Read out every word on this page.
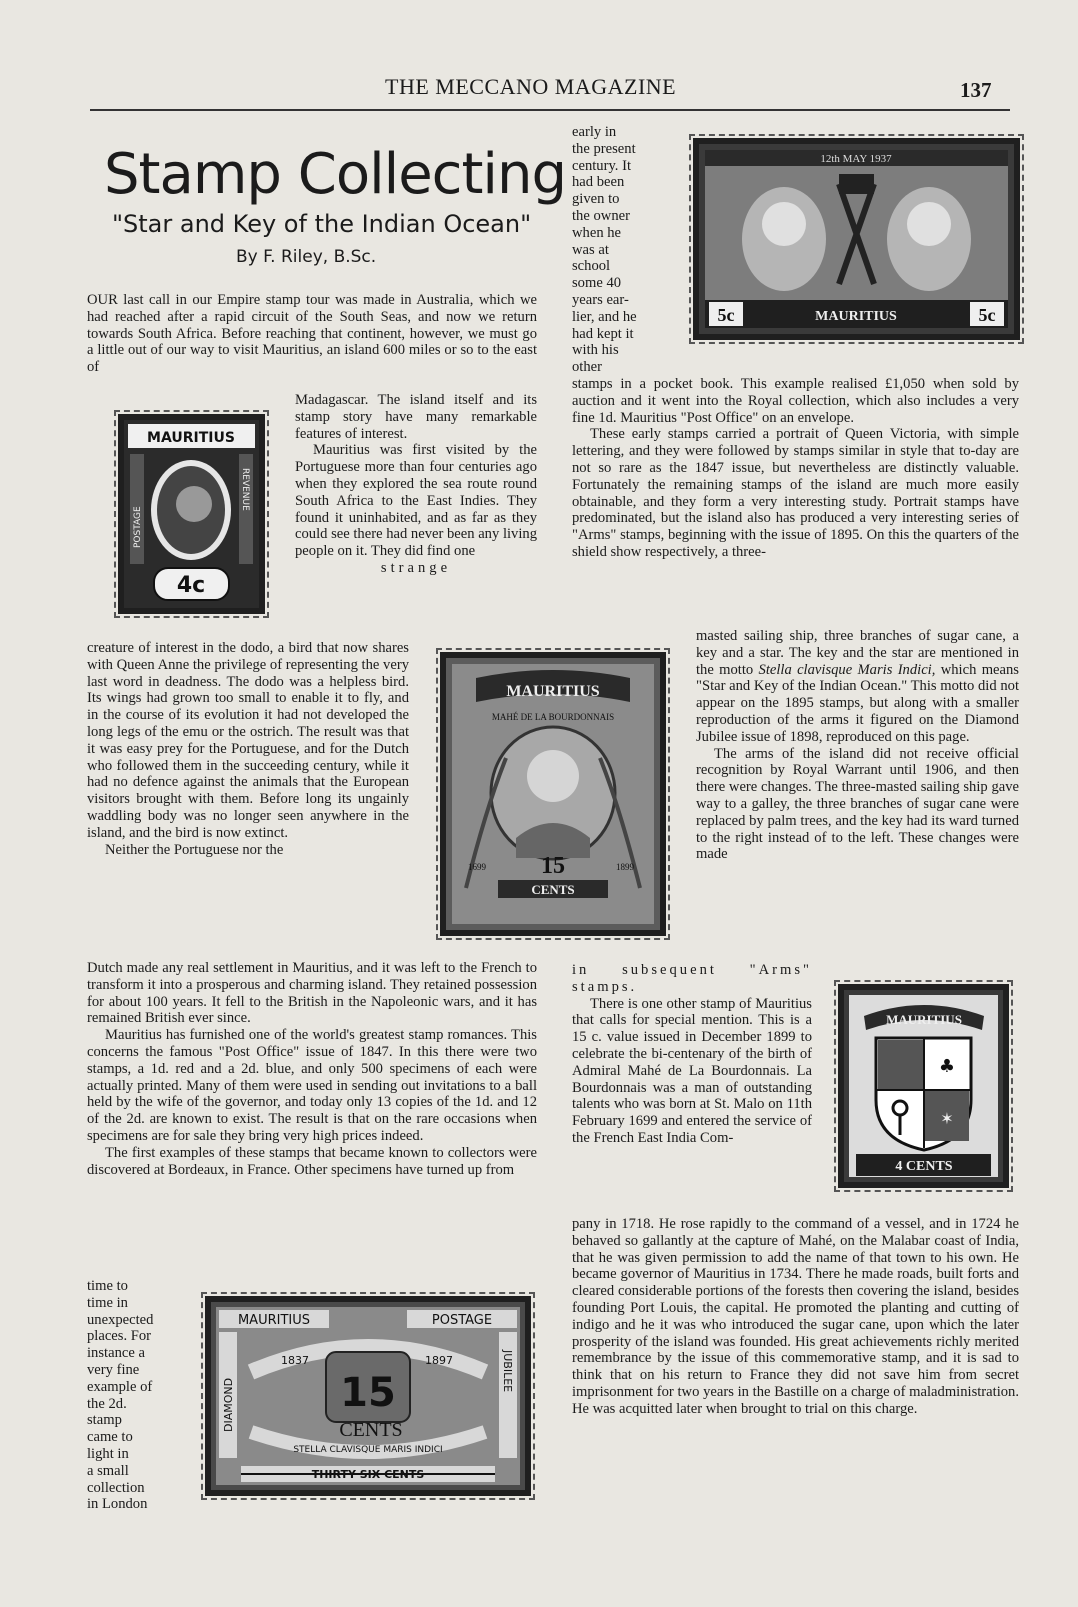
THE MECCANO MAGAZINE	137
Stamp Collecting
"Star and Key of the Indian Ocean"
By F. Riley, B.Sc.

OUR last call in our Empire stamp tour was made in Australia, which we had reached after a rapid circuit of the South Seas, and now we return towards South Africa. Before reaching that continent, however, we must go a little out of our way to visit Mauritius, an island 600 miles or so to the east of

Madagascar. The island itself and its stamp story have many remarkable features of interest.

Mauritius was first visited by the Portuguese more than four centuries ago when they explored the sea route round South Africa to the East Indies. They found it uninhabited, and as far as they could see there had never been any living people on it. They did find one

strange

creature of interest in the dodo, a bird that now shares with Queen Anne the privilege of representing the very last word in deadness. The dodo was a helpless bird. Its wings had grown too small to enable it to fly, and in the course of its evolution it had not developed the long legs of the emu or the ostrich. The result was that it was easy prey for the Portuguese, and for the Dutch who followed them in the succeeding century, while it had no defence against the animals that the European visitors brought with them. Before long its ungainly waddling body was no longer seen anywhere in the island, and the bird is now extinct.

Neither the Portuguese nor the

Dutch made any real settlement in Mauritius, and it was left to the French to transform it into a prosperous and charming island. They retained possession for about 100 years. It fell to the British in the Napoleonic wars, and it has remained British ever since.

Mauritius has furnished one of the world's greatest stamp romances. This concerns the famous "Post Office" issue of 1847. In this there were two stamps, a 1d. red and a 2d. blue, and only 500 specimens of each were actually printed. Many of them were used in sending out invitations to a ball held by the wife of the governor, and today only 13 copies of the 1d. and 12 of the 2d. are known to exist. The result is that on the rare occasions when specimens are for sale they bring very high prices indeed.

The first examples of these stamps that became known to collectors were discovered at Bordeaux, in France. Other specimens have turned up from

time to
time in
unexpected
places. For
instance a
very fine
example of
the 2d.
stamp
came to
light in
a small
collection
in London
early in
the present
century. It
had been
given to
the owner
when he
was at
school
some 40
years ear-
lier, and he
had kept it
with his
other

stamps in a pocket book. This example realised £1,050 when sold by auction and it went into the Royal collection, which also includes a very fine 1d. Mauritius "Post Office" on an envelope.

These early stamps carried a portrait of Queen Victoria, with simple lettering, and they were followed by stamps similar in style that to-day are not so rare as the 1847 issue, but nevertheless are distinctly valuable. Fortunately the remaining stamps of the island are much more easily obtainable, and they form a very interesting study. Portrait stamps have predominated, but the island also has produced a very interesting series of "Arms" stamps, beginning with the issue of 1895. On this the quarters of the shield show respectively, a three-

masted sailing ship, three branches of sugar cane, a key and a star. The key and the star are mentioned in the motto Stella clavisque Maris Indici, which means "Star and Key of the Indian Ocean." This motto did not appear on the 1895 stamps, but along with a smaller reproduction of the arms it figured on the Diamond Jubilee issue of 1898, reproduced on this page.

The arms of the island did not receive official recognition by Royal Warrant until 1906, and then there were changes. The three-masted sailing ship gave way to a galley, the three branches of sugar cane were replaced by palm trees, and the key had its ward turned to the right instead of to the left. These changes were made

in subsequent "Arms" stamps.

There is one other stamp of Mauritius that calls for special mention. This is a 15 c. value issued in December 1899 to celebrate the bi-centenary of the birth of Admiral Mahé de La Bourdonnais. La Bourdonnais was a man of outstanding talents who was born at St. Malo on 11th February 1699 and entered the service of the French East India Com-

pany in 1718. He rose rapidly to the command of a vessel, and in 1724 he behaved so gallantly at the capture of Mahé, on the Malabar coast of India, that he was given permission to add the name of that town to his own. He became governor of Mauritius in 1734. There he made roads, built forts and cleared considerable portions of the forests then covering the island, besides founding Port Louis, the capital. He promoted the planting and cutting of indigo and he it was who introduced the sugar cane, upon which the later prosperity of the island was founded. His great achievements richly merited remembrance by the issue of this commemorative stamp, and it is sad to think that on his return to France they did not save him from secret imprisonment for two years in the Bastille on a charge of maladministration. He was acquitted later when brought to trial on this charge.

12th MAY 1937
5c	5c
MAURITIUS
MAURITIUS
POSTAGE
REVENUE
4c
MAURITIUS
MAHÉ DE LA BOURDONNAIS
15
CENTS
1699	1899
MAURITIUS
♣
✶
4 CENTS
MAURITIUS	POSTAGE
DIAMOND
JUBILEE
1837	1897
15
CENTS
STELLA CLAVISQUE MARIS INDICI
THIRTY SIX CENTS
